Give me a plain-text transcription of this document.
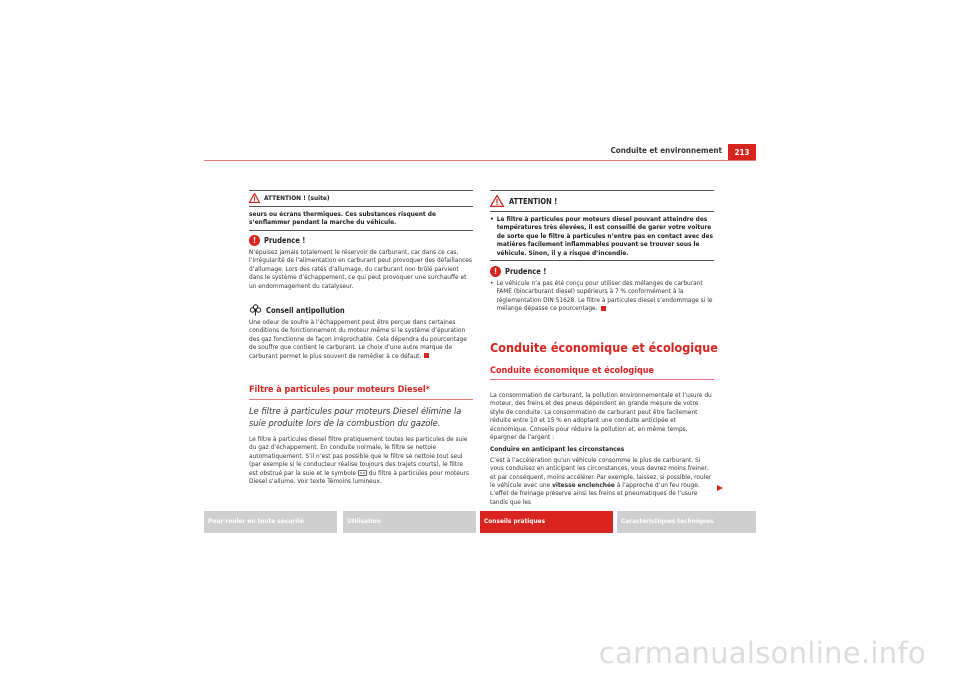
Conduite et environnement	213
ATTENTION ! (suite)
seurs ou écrans thermiques. Ces substances risquent de s’enflammer pendant la marche du véhicule.
!	Prudence !
N’épuisez jamais totalement le réservoir de carburant, car dans ce cas, l’irrégularité de l’alimentation en carburant peut provoquer des défaillances d’allumage. Lors des ratés d’allumage, du carburant non brûlé parvient dans le système d’échappement, ce qui peut provoquer une surchauffe et un endommagement du catalyseur.
Conseil antipollution
Une odeur de soufre à l’échappement peut être perçue dans certaines conditions de fonctionnement du moteur même si le système d’épuration des gaz fonctionne de façon irréprochable. Cela dépendra du pourcentage de souffre que contient le carburant. Le choix d’une autre marque de carburant permet le plus souvent de remédier à ce défaut.
Filtre à particules pour moteurs Diesel*
Le filtre à particules pour moteurs Diesel élimine la suie produite lors de la combustion du gazole.
Le filtre à particules diesel filtre pratiquement toutes les particules de suie du gaz d’échappement. En conduite normale, le filtre se nettoie automatiquement. S’il n’est pas possible que le filtre se nettoie tout seul (par exemple si le conducteur réalise toujours des trajets courts), le filtre est obstrué par la suie et le symbole du filtre à particules pour moteurs Diesel s’allume. Voir texte Témoins lumineux.
ATTENTION !
• Le filtre à particules pour moteurs diesel pouvant atteindre des températures très élevées, il est conseillé de garer votre voiture de sorte que le filtre à particules n’entre pas en contact avec des matières facilement inflammables pouvant se trouver sous le véhicule. Sinon, il y a risque d’incendie.
!	Prudence !
• Le véhicule n’a pas été conçu pour utiliser des mélanges de carburant FAME (biocarburant diesel) supérieurs à 7 % conformément à la réglementation DIN 51628. Le filtre à particules diesel s’endommage si le mélange dépasse ce pourcentage.
Conduite économique et écologique
Conduite économique et écologique
La consommation de carburant, la pollution environnementale et l’usure du moteur, des freins et des pneus dépendent en grande mesure de votre style de conduite. La consommation de carburant peut être facilement réduite entre 10 et 15 % en adoptant une conduite anticipée et économique. Conseils pour réduire la pollution et, en même temps, épargner de l’argent :
Conduire en anticipant les circonstances
C’est à l’accélération qu’un véhicule consomme le plus de carburant. Si vous conduisez en anticipant les circonstances, vous devrez moins freiner, et par conséquent, moins accélérer. Par exemple, laissez, si possible, rouler le véhicule avec une vitesse enclenchée à l’approche d’un feu rouge. L’effet de freinage préserve ainsi les freins et pneumatiques de l’usure tandis que les
Pour rouler en toute sécurité	Utilisation	Conseils pratiques	Caractéristiques techniques
carmanualsonline.info
